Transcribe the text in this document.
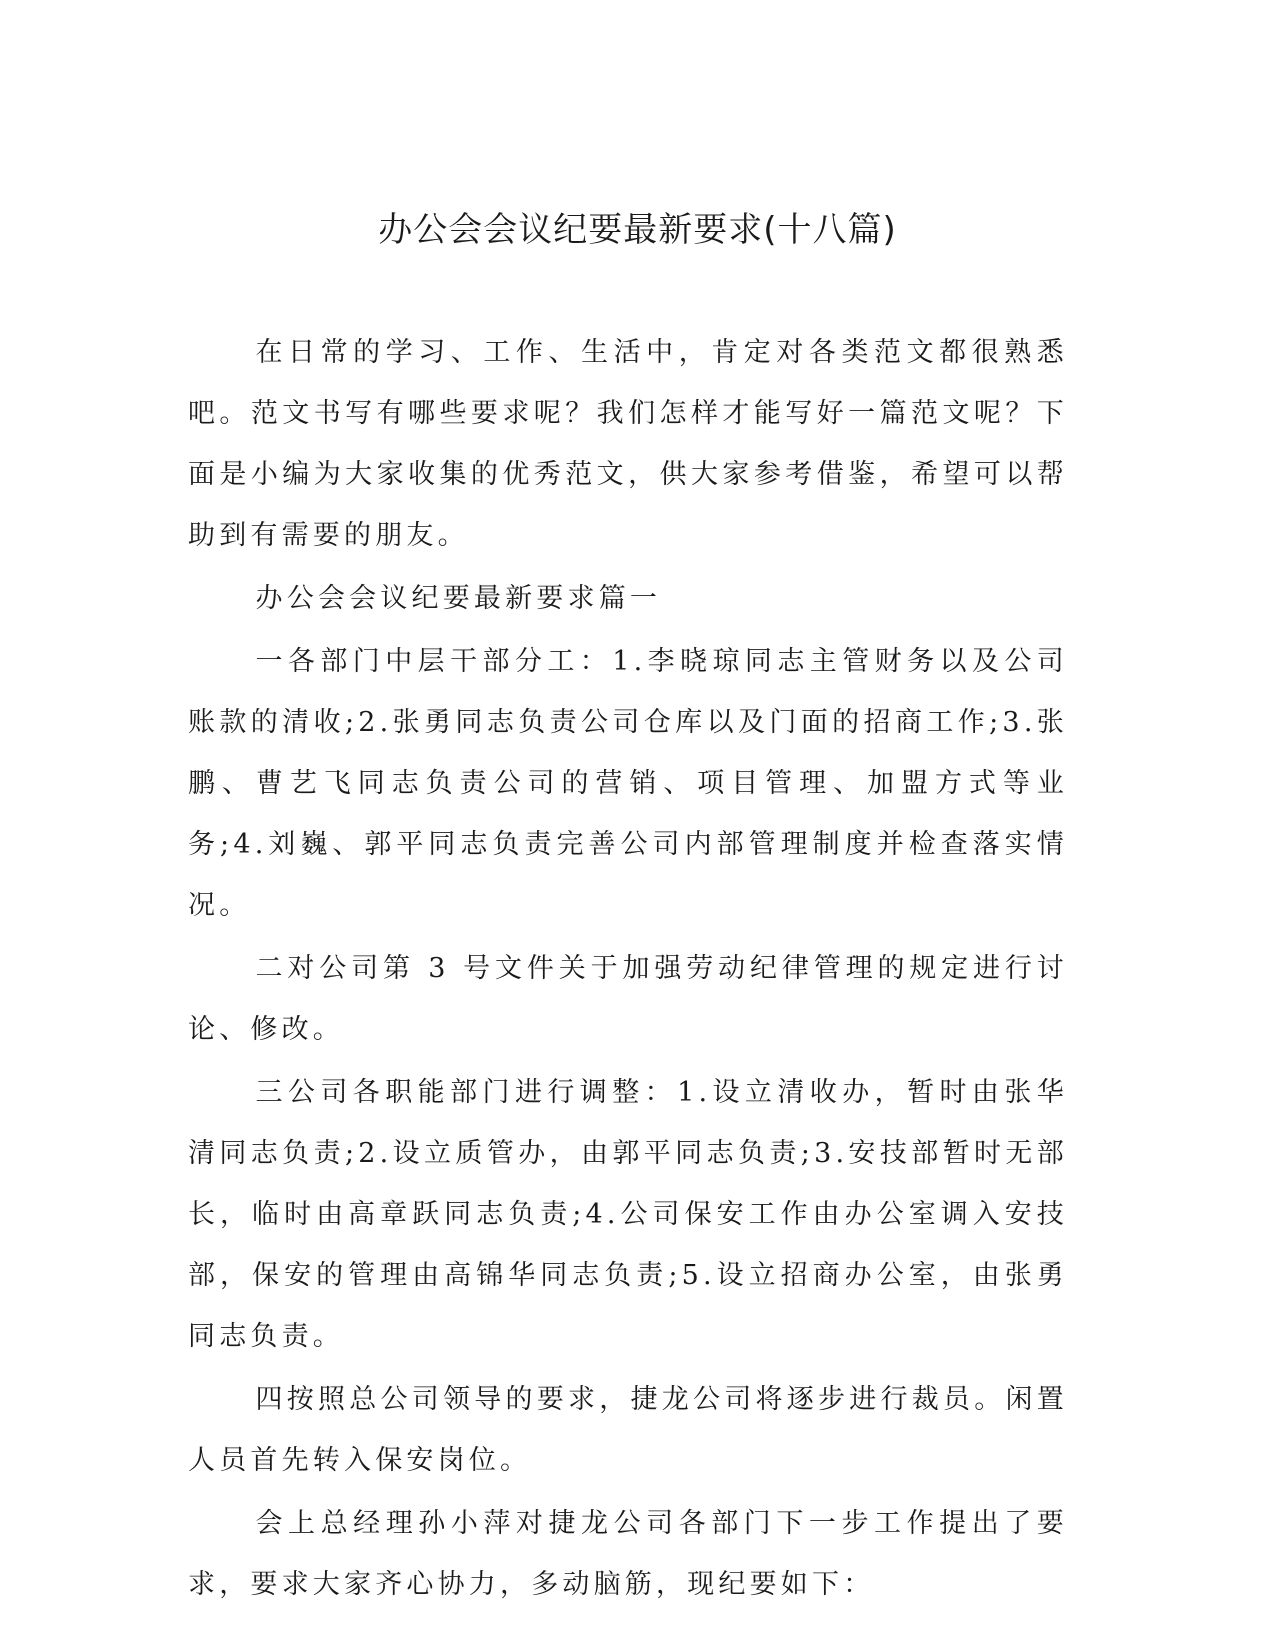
办公会会议纪要最新要求(十八篇)

在日常的学习、工作、生活中，肯定对各类范文都很熟悉吧。范文书写有哪些要求呢？我们怎样才能写好一篇范文呢？下面是小编为大家收集的优秀范文，供大家参考借鉴，希望可以帮助到有需要的朋友。

办公会会议纪要最新要求篇一

一各部门中层干部分工：1.李晓琼同志主管财务以及公司账款的清收;2.张勇同志负责公司仓库以及门面的招商工作;3.张鹏、曹艺飞同志负责公司的营销、项目管理、加盟方式等业务;4.刘巍、郭平同志负责完善公司内部管理制度并检查落实情况。

二对公司第 3 号文件关于加强劳动纪律管理的规定进行讨论、修改。

三公司各职能部门进行调整：1.设立清收办，暂时由张华清同志负责;2.设立质管办，由郭平同志负责;3.安技部暂时无部长，临时由高章跃同志负责;4.公司保安工作由办公室调入安技部，保安的管理由高锦华同志负责;5.设立招商办公室，由张勇同志负责。

四按照总公司领导的要求，捷龙公司将逐步进行裁员。闲置人员首先转入保安岗位。

会上总经理孙小萍对捷龙公司各部门下一步工作提出了要求，要求大家齐心协力，多动脑筋，现纪要如下：
